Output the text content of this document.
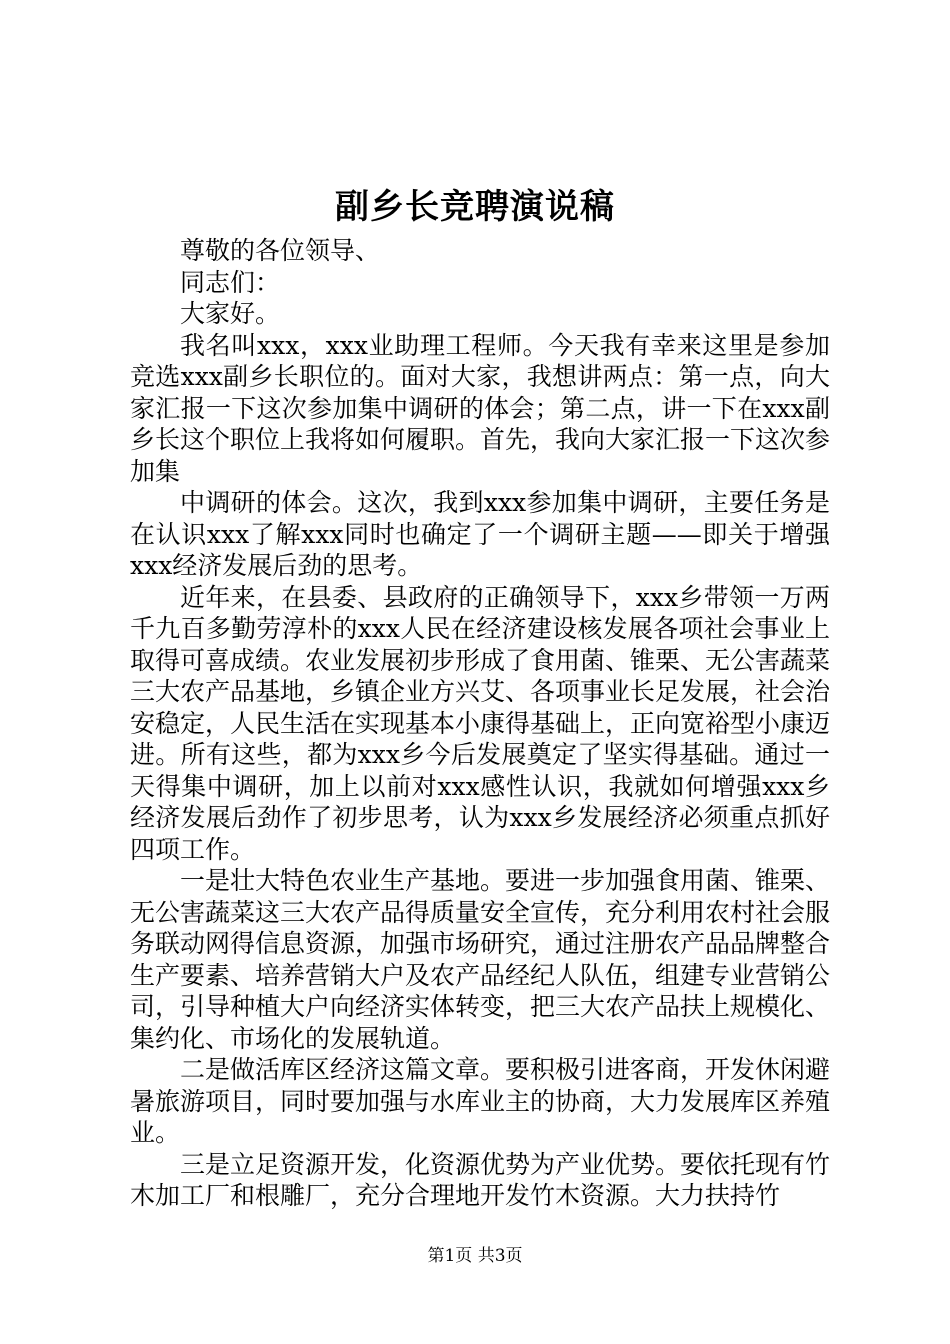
副乡长竞聘演说稿

尊敬的各位领导、

同志们：

大家好。

我名叫xxx，xxx业助理工程师。今天我有幸来这里是参加竞选xxx副乡长职位的。面对大家，我想讲两点：第一点，向大家汇报一下这次参加集中调研的体会；第二点，讲一下在xxx副乡长这个职位上我将如何履职。首先，我向大家汇报一下这次参加集

中调研的体会。这次，我到xxx参加集中调研，主要任务是在认识xxx了解xxx同时也确定了一个调研主题——即关于增强xxx经济发展后劲的思考。

近年来，在县委、县政府的正确领导下，xxx乡带领一万两千九百多勤劳淳朴的xxx人民在经济建设核发展各项社会事业上取得可喜成绩。农业发展初步形成了食用菌、锥栗、无公害蔬菜三大农产品基地，乡镇企业方兴艾、各项事业长足发展，社会治安稳定，人民生活在实现基本小康得基础上，正向宽裕型小康迈进。所有这些，都为xxx乡今后发展奠定了坚实得基础。通过一天得集中调研，加上以前对xxx感性认识，我就如何增强xxx乡经济发展后劲作了初步思考，认为xxx乡发展经济必须重点抓好四项工作。

一是壮大特色农业生产基地。要进一步加强食用菌、锥栗、无公害蔬菜这三大农产品得质量安全宣传，充分利用农村社会服务联动网得信息资源，加强市场研究，通过注册农产品品牌整合生产要素、培养营销大户及农产品经纪人队伍，组建专业营销公司，引导种植大户向经济实体转变，把三大农产品扶上规模化、集约化、市场化的发展轨道。

二是做活库区经济这篇文章。要积极引进客商，开发休闲避暑旅游项目，同时要加强与水库业主的协商，大力发展库区养殖业。

三是立足资源开发，化资源优势为产业优势。要依托现有竹木加工厂和根雕厂，充分合理地开发竹木资源。大力扶持竹

第1页 共3页
